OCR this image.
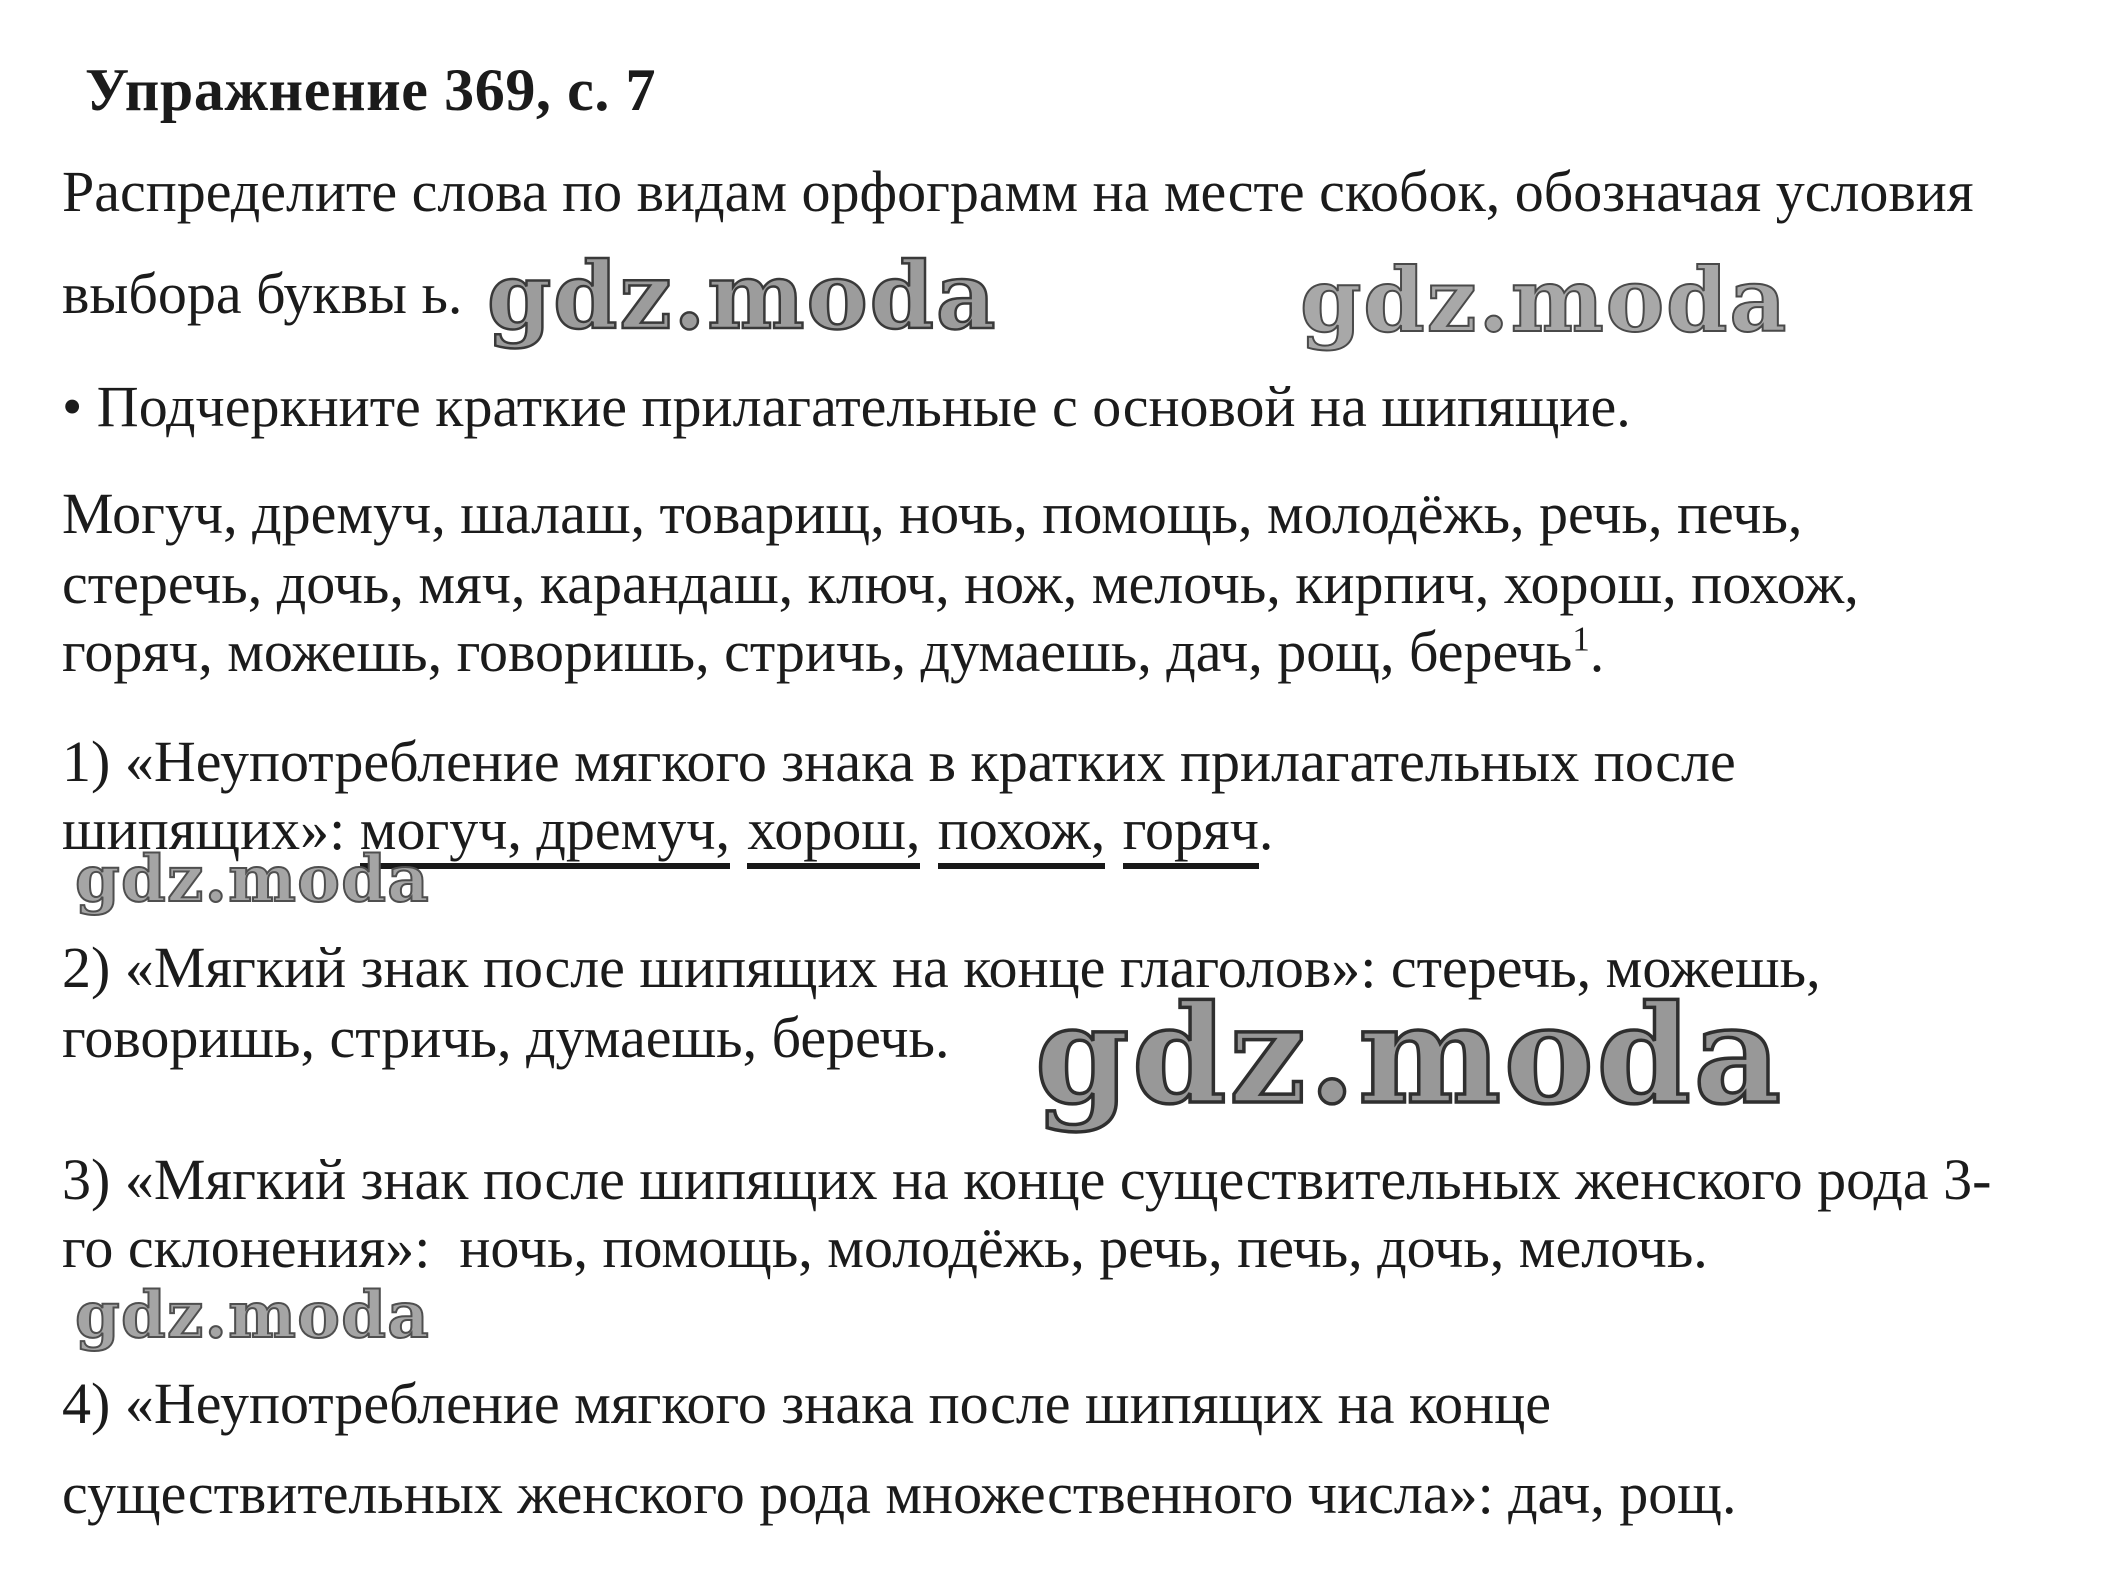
Упражнение 369, с. 7
Распределите слова по видам орфограмм на месте скобок, обозначая условия
выбора буквы ь. gdz.moda	gdz.moda
• Подчеркните краткие прилагательные с основой на шипящие.
Могуч, дремуч, шалаш, товарищ, ночь, помощь, молодёжь, речь, печь,
стеречь, дочь, мяч, карандаш, ключ, нож, мелочь, кирпич, хорош, похож,
горяч, можешь, говоришь, стричь, думаешь, дач, рощ, беречь$^1$.
1) «Неупотребление мягкого знака в кратких прилагательных после
шипящих»: могуч, дремуч, хорош, похож, горяч.
gdz.moda
2) «Мягкий знак после шипящих на конце глаголов»: стеречь, можешь,
говоришь, стричь, думаешь, беречь. gdz.moda
3) «Мягкий знак после шипящих на конце существительных женского рода 3-
го склонения»:  ночь, помощь, молодёжь, речь, печь, дочь, мелочь.
gdz.moda
4) «Неупотребление мягкого знака после шипящих на конце
существительных женского рода множественного числа»: дач, рощ.
